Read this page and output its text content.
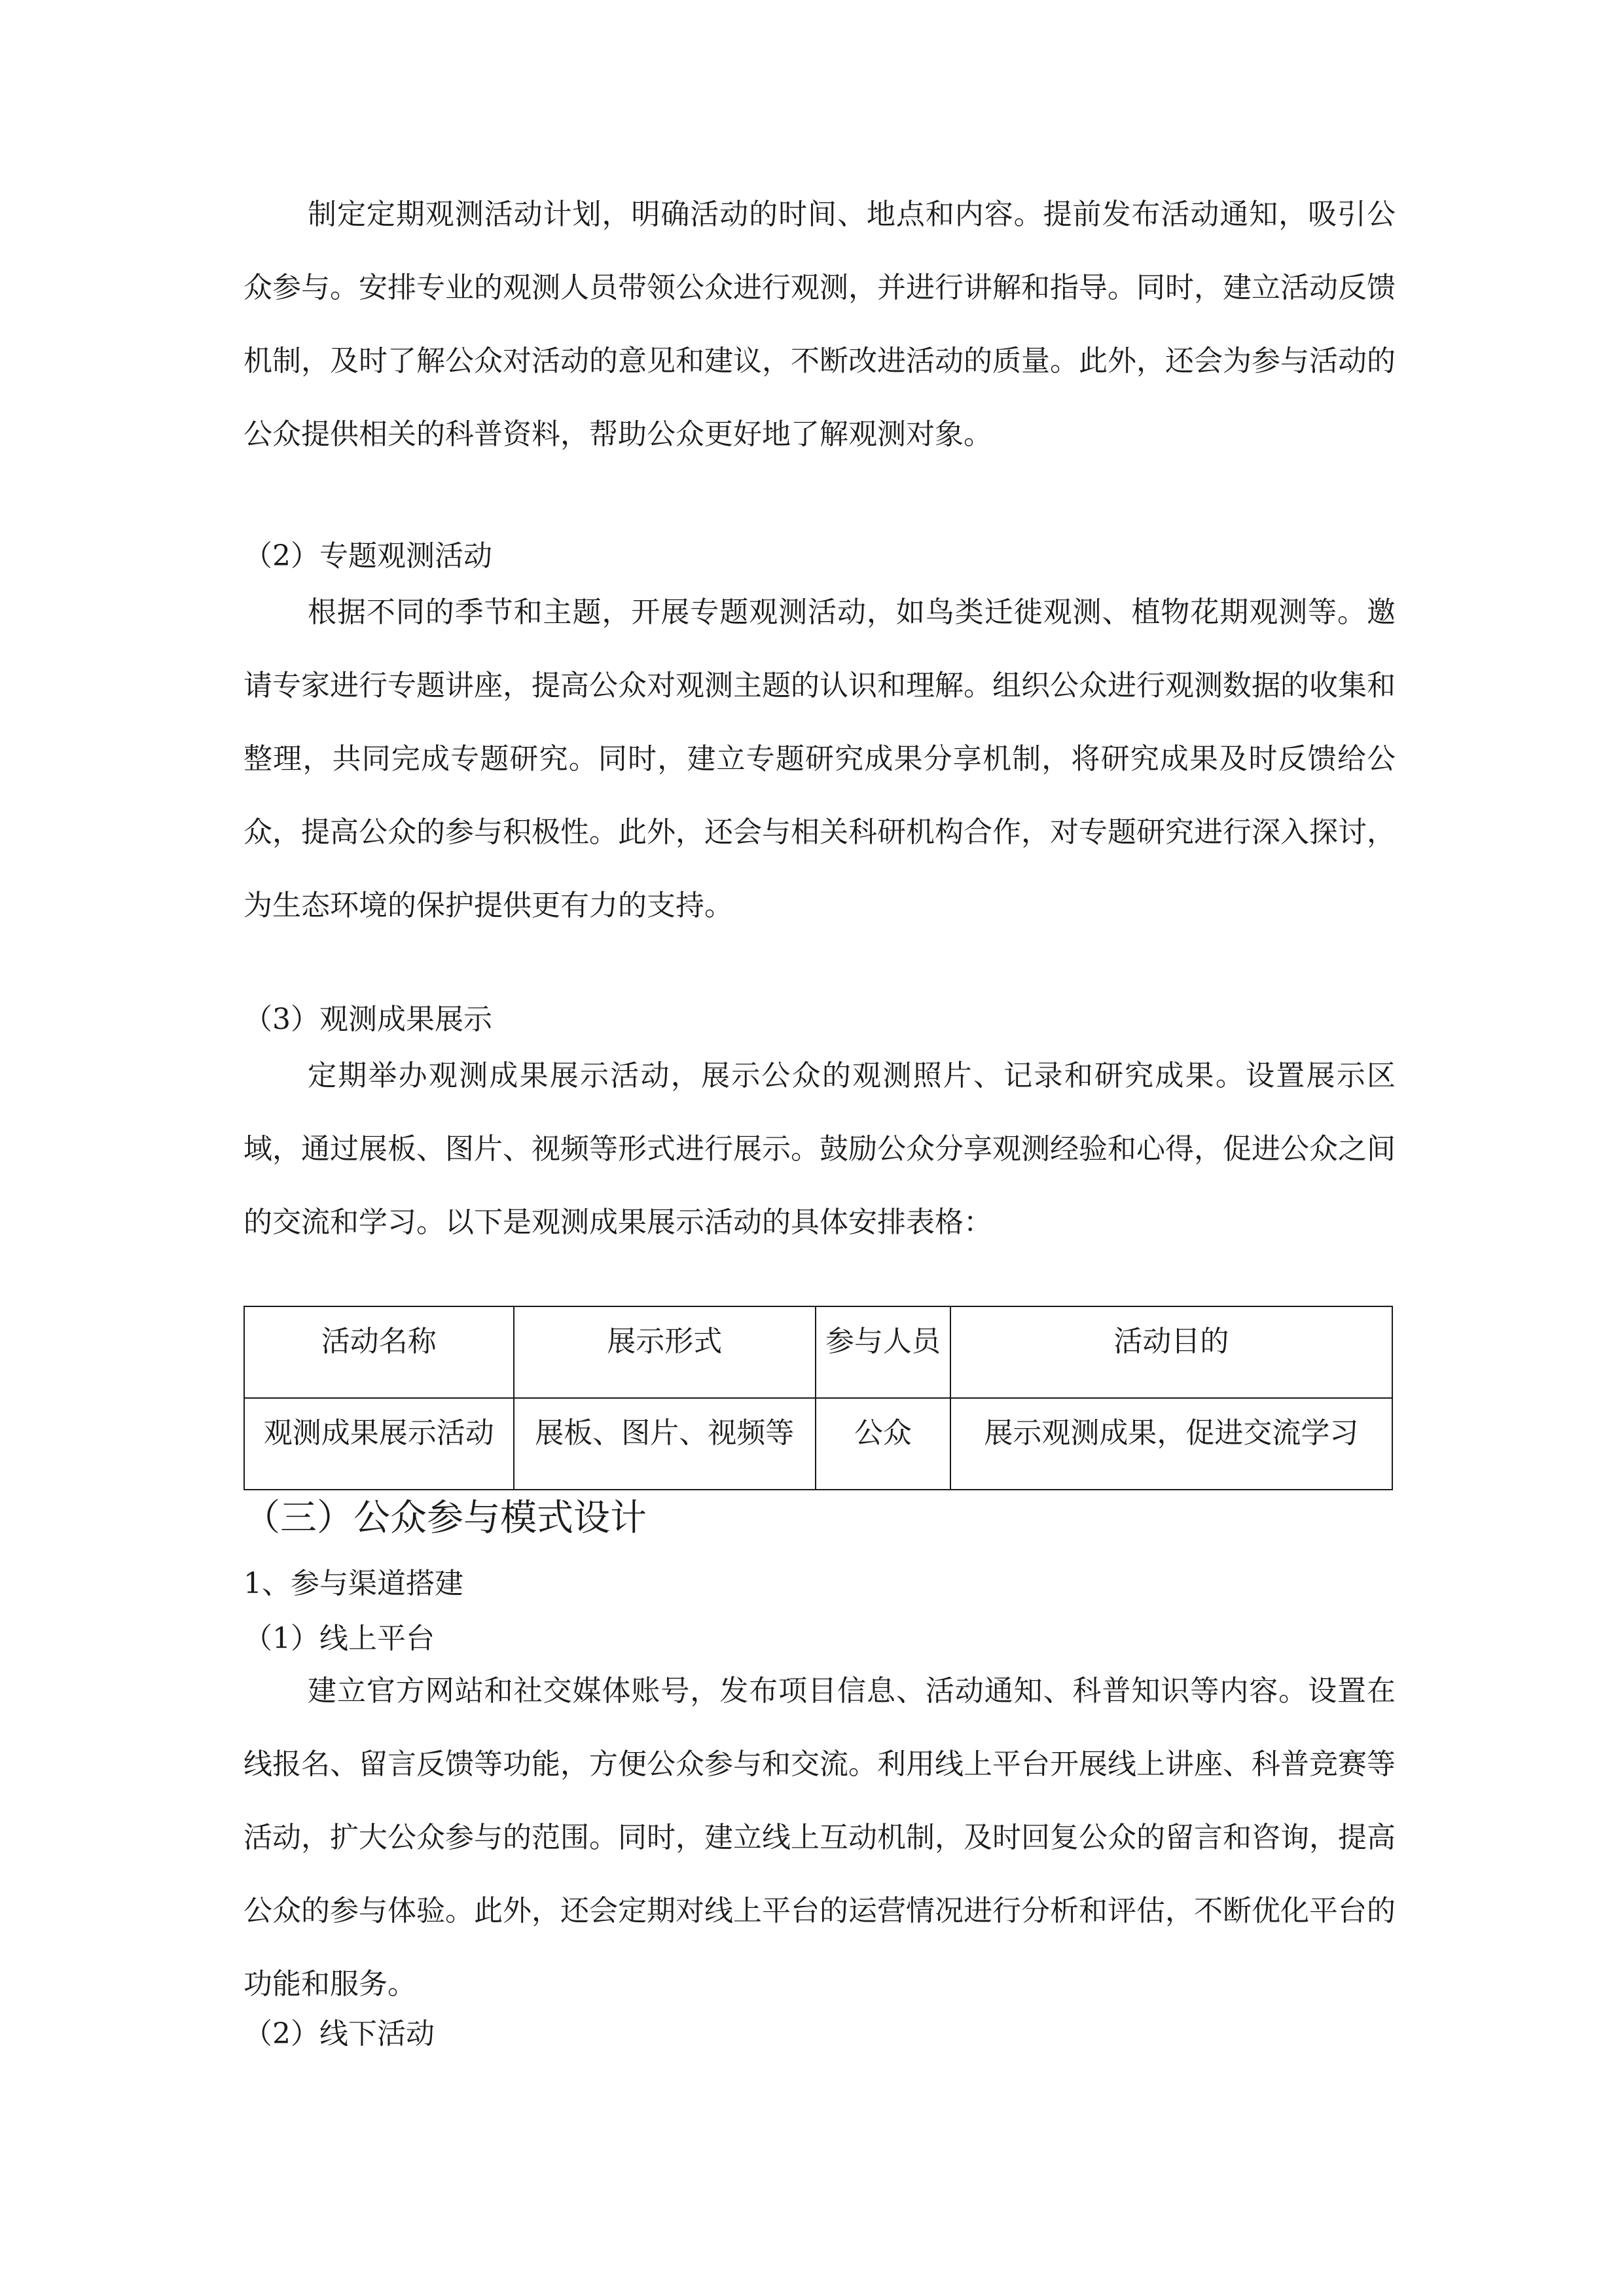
制定定期观测活动计划，明确活动的时间、地点和内容。提前发布活动通知，吸引公众参与。安排专业的观测人员带领公众进行观测，并进行讲解和指导。同时，建立活动反馈机制，及时了解公众对活动的意见和建议，不断改进活动的质量。此外，还会为参与活动的公众提供相关的科普资料，帮助公众更好地了解观测对象。

（2）专题观测活动

根据不同的季节和主题，开展专题观测活动，如鸟类迁徙观测、植物花期观测等。邀请专家进行专题讲座，提高公众对观测主题的认识和理解。组织公众进行观测数据的收集和整理，共同完成专题研究。同时，建立专题研究成果分享机制，将研究成果及时反馈给公众，提高公众的参与积极性。此外，还会与相关科研机构合作，对专题研究进行深入探讨，为生态环境的保护提供更有力的支持。

（3）观测成果展示

定期举办观测成果展示活动，展示公众的观测照片、记录和研究成果。设置展示区域，通过展板、图片、视频等形式进行展示。鼓励公众分享观测经验和心得，促进公众之间的交流和学习。以下是观测成果展示活动的具体安排表格：

活动名称	展示形式	参与人员	活动目的
观测成果展示活动	展板、图片、视频等	公众	展示观测成果，促进交流学习

（三）公众参与模式设计

1、参与渠道搭建

（1）线上平台

建立官方网站和社交媒体账号，发布项目信息、活动通知、科普知识等内容。设置在线报名、留言反馈等功能，方便公众参与和交流。利用线上平台开展线上讲座、科普竞赛等活动，扩大公众参与的范围。同时，建立线上互动机制，及时回复公众的留言和咨询，提高公众的参与体验。此外，还会定期对线上平台的运营情况进行分析和评估，不断优化平台的功能和服务。

（2）线下活动
